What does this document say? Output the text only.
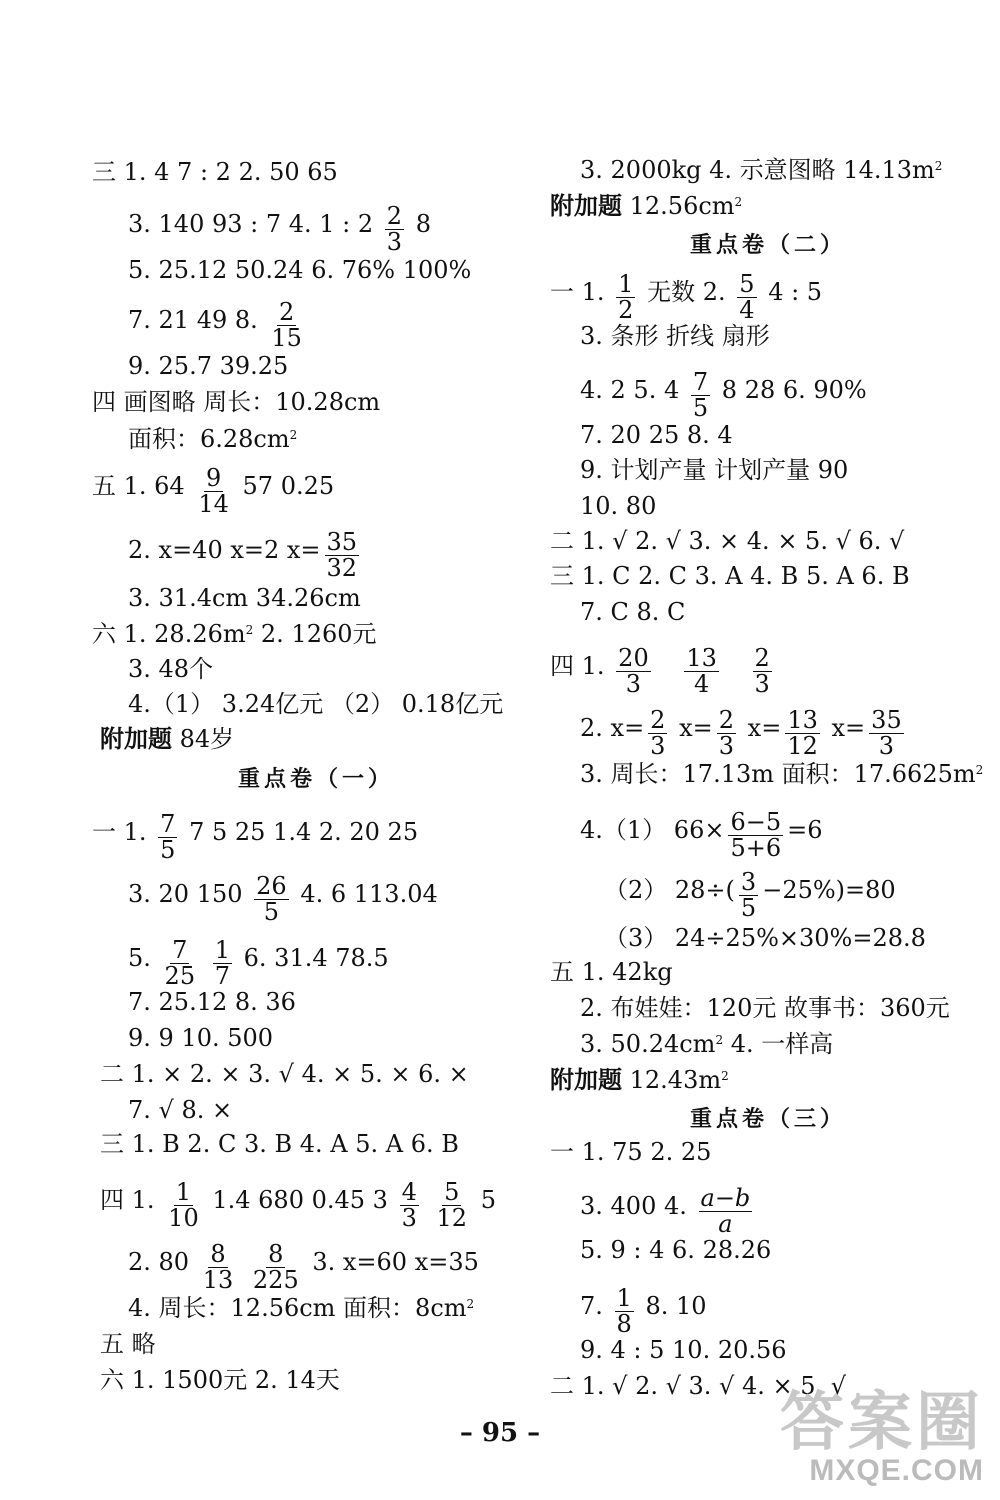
三 1. 4 7 : 2 2. 50 65
3. 140 93 : 7 4. 1 : $2 \frac{2}{3} 8$
5. 25.12 50.24 6. 76% 100%
7. 21 49 8. $\frac{2}{15}$
9. 25.7 39.25
四 画图略 周长：10.28cm
面积：$6.28cm^2$
五 1. $64 \frac{9}{14} 57$ 0.25
2. x=40 x=2 $x= \frac{35}{32}$
3. 31.4cm 34.26cm
六 1. $28.26m^2$ 2. 1260元
3. 48个
4.（1） 3.24亿元 （2） 0.18亿元
附加题 84岁
重点卷（一）
一 1. $\frac{7}{5} 7$ 5 25 1.4 2. 20 25
3. 20 $150 \frac{26}{5} 4$. 6 113.04
5. $\frac{7}{25}$
$\frac{1}{7} 6$. 31.4 78.5
7. 25.12 8. 36
9. 9 10. 500
二 1. × 2. × 3. √ 4. × 5. × 6. ×
7. √ 8. ×
三 1. B 2. C 3. B 4. A 5. A 6. B
四 1. $\frac{1}{10} 1.4$ 680 0.45 $3 \frac{4}{3}$
$\frac{5}{12} 5$
2. $80 \frac{8}{13}$
$\frac{8}{225} 3$. x=60 x=35
4. 周长：12.56cm 面积：$8cm^2$
五 略
六 1. 1500元 2. 14天
3. 2000kg 4. 示意图略 $14.13m^2$
附加题 $12.56cm^2$
重点卷（二）
一 1. $\frac{1}{2}$ 无数 2. $\frac{5}{4} 4$ : 5
3. 条形 折线 扇形
4. 2 5. $4 \frac{7}{5} 8$ 28 6. 90%
7. 20 25 8. 4
9. 计划产量 计划产量 90
10. 80
二 1. √ 2. √ 3. × 4. × 5. √ 6. √
三 1. C 2. C 3. A 4. B 5. A 6. B
7. C 8. C
四 1. $\frac{20}{3}$
$\frac{13}{4}$
$\frac{2}{3}$
2. $x= \frac{2}{3} x= \frac{2}{3} x= \frac{13}{12} x= \frac{35}{3}$
3. 周长：17.13m 面积：$17.6625m^2$
4.（1） $66\times \frac{6-5}{5+6} =6$
（2） $28\div( \frac{3}{5} -25\%)=80$
（3） 24÷25%×30%=28.8
五 1. 42kg
2. 布娃娃：120元 故事书：360元
3. $50.24cm^2$ 4. 一样高
附加题 $12.43m^2$
重点卷（三）
一 1. 75 2. 25
3. 400 4. $\frac{a-b}{a}$
5. 9 : 4 6. 28.26
7. $\frac{1}{8} 8$. 10
9. 4 : 5 10. 20.56
二 1. √ 2. √ 3. √ 4. × 5. √
– 95 –	答案圈
MXQE.COM
